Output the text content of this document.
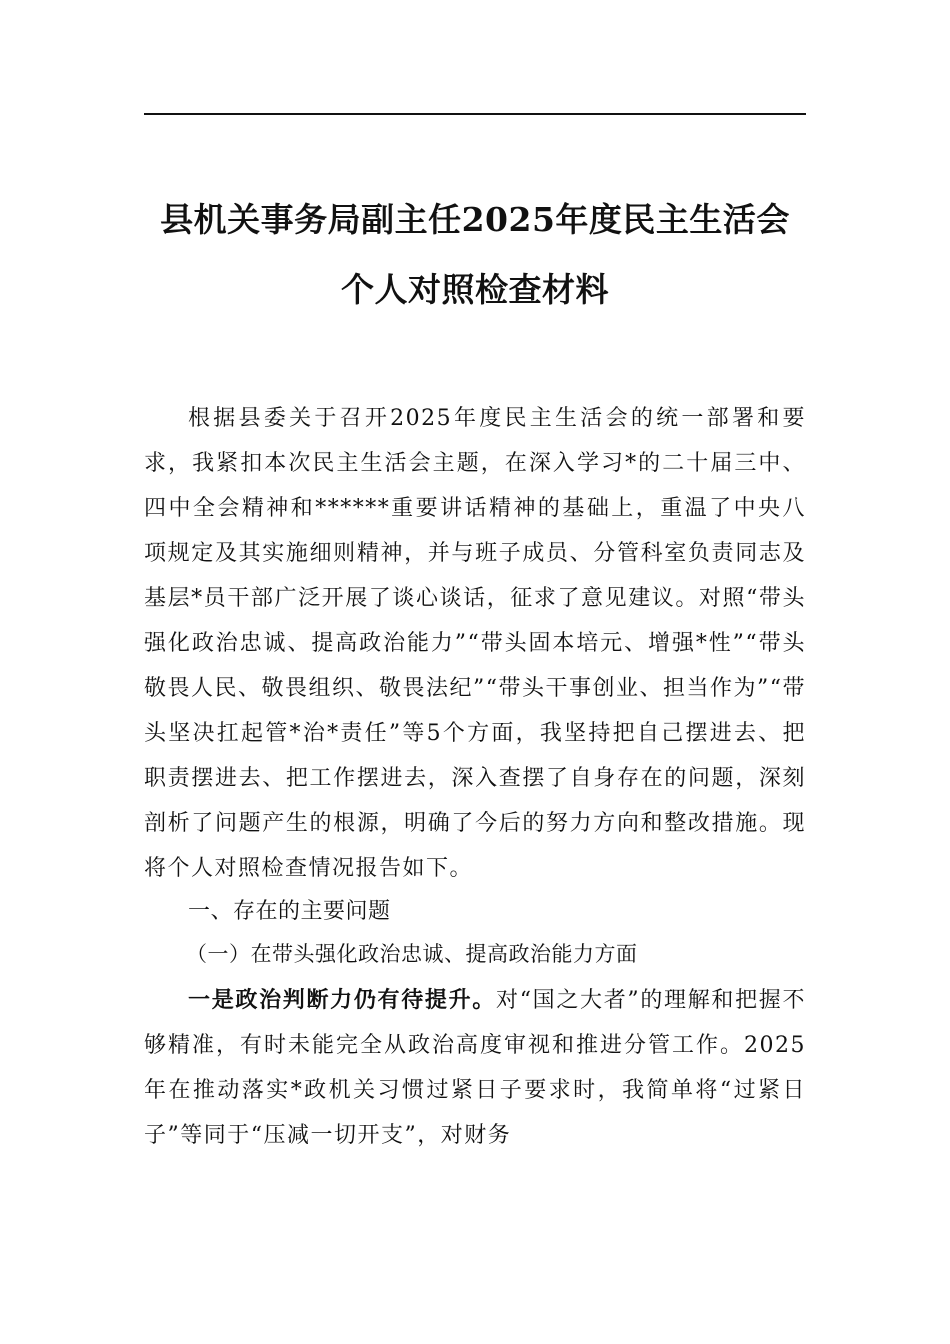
县机关事务局副主任2025年度民主生活会
个人对照检查材料

根据县委关于召开2025年度民主生活会的统一部署和要求，我紧扣本次民主生活会主题，在深入学习*的二十届三中、四中全会精神和******重要讲话精神的基础上，重温了中央八项规定及其实施细则精神，并与班子成员、分管科室负责同志及基层*员干部广泛开展了谈心谈话，征求了意见建议。对照“带头强化政治忠诚、提高政治能力”“带头固本培元、增强*性”“带头敬畏人民、敬畏组织、敬畏法纪”“带头干事创业、担当作为”“带头坚决扛起管*治*责任”等5个方面，我坚持把自己摆进去、把职责摆进去、把工作摆进去，深入查摆了自身存在的问题，深刻剖析了问题产生的根源，明确了今后的努力方向和整改措施。现将个人对照检查情况报告如下。

一、存在的主要问题

（一）在带头强化政治忠诚、提高政治能力方面

一是政治判断力仍有待提升。对“国之大者”的理解和把握不够精准，有时未能完全从政治高度审视和推进分管工作。2025年在推动落实*政机关习惯过紧日子要求时，我简单将“过紧日子”等同于“压减一切开支”，对财务
